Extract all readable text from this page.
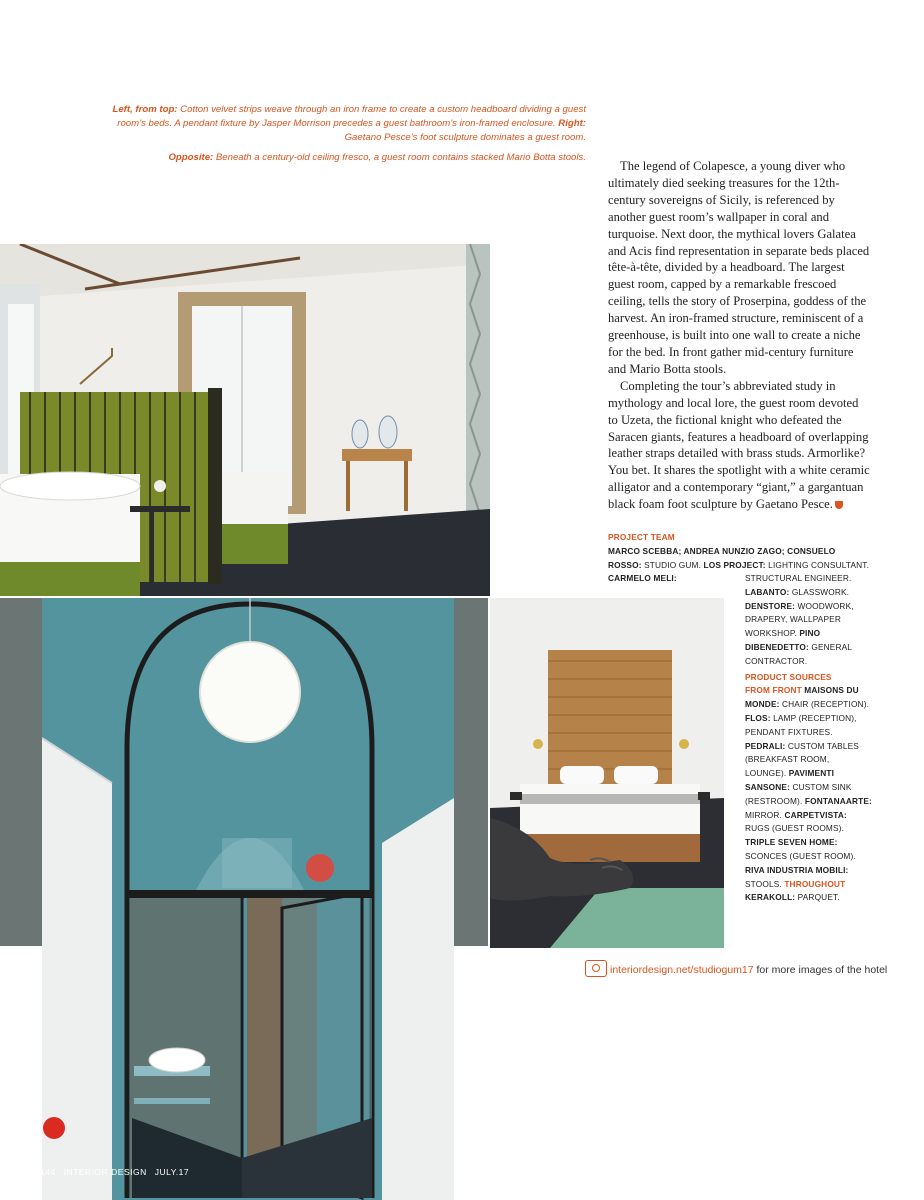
Left, from top: Cotton velvet strips weave through an iron frame to create a custom headboard dividing a guest room’s beds. A pendant fixture by Jasper Morrison precedes a guest bathroom’s iron-framed enclosure. Right: Gaetano Pesce’s foot sculpture dominates a guest room.

Opposite: Beneath a century-old ceiling fresco, a guest room contains stacked Mario Botta stools.

The legend of Colapesce, a young diver who ultimately died seeking treasures for the 12th-century sovereigns of Sicily, is referenced by another guest room’s wallpaper in coral and turquoise. Next door, the mythical lovers Galatea and Acis find representation in separate beds placed tête-à-tête, divided by a headboard. The largest guest room, capped by a remarkable frescoed ceiling, tells the story of Proserpina, goddess of the harvest. An iron-framed structure, reminiscent of a greenhouse, is built into one wall to create a niche for the bed. In front gather mid-century furniture and Mario Botta stools.

Completing the tour’s abbreviated study in mythology and local lore, the guest room devoted to Uzeta, the fictional knight who defeated the Saracen giants, features a headboard of overlapping leather straps detailed with brass studs. Armorlike? You bet. It shares the spotlight with a white ceramic alligator and a contemporary “giant,” a gargantuan black foam foot sculpture by Gaetano Pesce.

PROJECT TEAM
MARCO SCEBBA; ANDREA NUNZIO ZAGO; CONSUELO ROSSO: STUDIO GUM. LOS PROJECT: LIGHTING CONSULTANT. CARMELO MELI:	STRUCTURAL ENGINEER. LABANTO: GLASSWORK. DENSTORE: WOODWORK, DRAPERY, WALLPAPER WORKSHOP. PINO DIBENEDETTO: GENERAL CONTRACTOR.
PRODUCT SOURCES
FROM FRONT MAISONS DU MONDE: CHAIR (RECEPTION). FLOS: LAMP (RECEPTION), PENDANT FIXTURES. PEDRALI: CUSTOM TABLES (BREAKFAST ROOM, LOUNGE). PAVIMENTI SANSONE: CUSTOM SINK (RESTROOM). FONTANAARTE: MIRROR. CARPETVISTA: RUGS (GUEST ROOMS). TRIPLE SEVEN HOME: SCONCES (GUEST ROOM). RIVA INDUSTRIA MOBILI: STOOLS. THROUGHOUT KERAKOLL: PARQUET.
interiordesign.net/studiogum17 for more images of the hotel
144 INTERIOR DESIGN JULY.17
